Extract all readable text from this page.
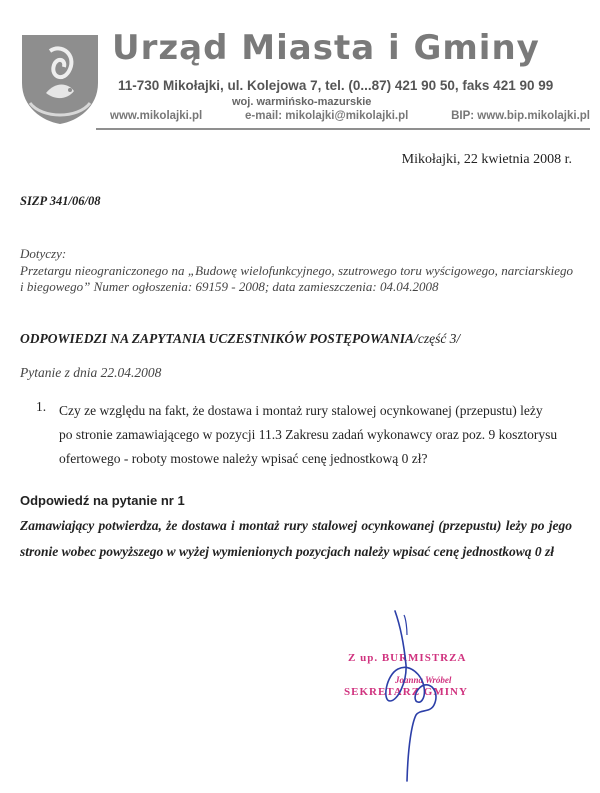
Urząd Miasta i Gminy
11-730 Mikołajki, ul. Kolejowa 7, tel. (0...87) 421 90 50, faks 421 90 99
woj. warmińsko-mazurskie
www.mikolajki.pl	e-mail: mikolajki@mikolajki.pl	BIP: www.bip.mikolajki.pl
Mikołajki, 22 kwietnia 2008 r.
SIZP 341/06/08
Dotyczy:
Przetargu nieograniczonego na „Budowę wielofunkcyjnego, szutrowego toru wyścigowego, narciarskiego i biegowego” Numer ogłoszenia: 69159 - 2008; data zamieszczenia: 04.04.2008
ODPOWIEDZI NA ZAPYTANIA UCZESTNIKÓW POSTĘPOWANIA/część 3/
Pytanie z dnia 22.04.2008
1. Czy ze względu na fakt, że dostawa i montaż rury stalowej ocynkowanej (przepustu) leży po stronie zamawiającego w pozycji 11.3 Zakresu zadań wykonawcy oraz poz. 9 kosztorysu ofertowego - roboty mostowe należy wpisać cenę jednostkową 0 zł?
Odpowiedź na pytanie nr 1
Zamawiający potwierdza, że dostawa i montaż rury stalowej ocynkowanej (przepustu) leży po jego stronie wobec powyższego w wyżej wymienionych pozycjach należy wpisać cenę jednostkową 0 zł
Z up. BURMISTRZA
Joanna Wróbel
SEKRETARZ GMINY
